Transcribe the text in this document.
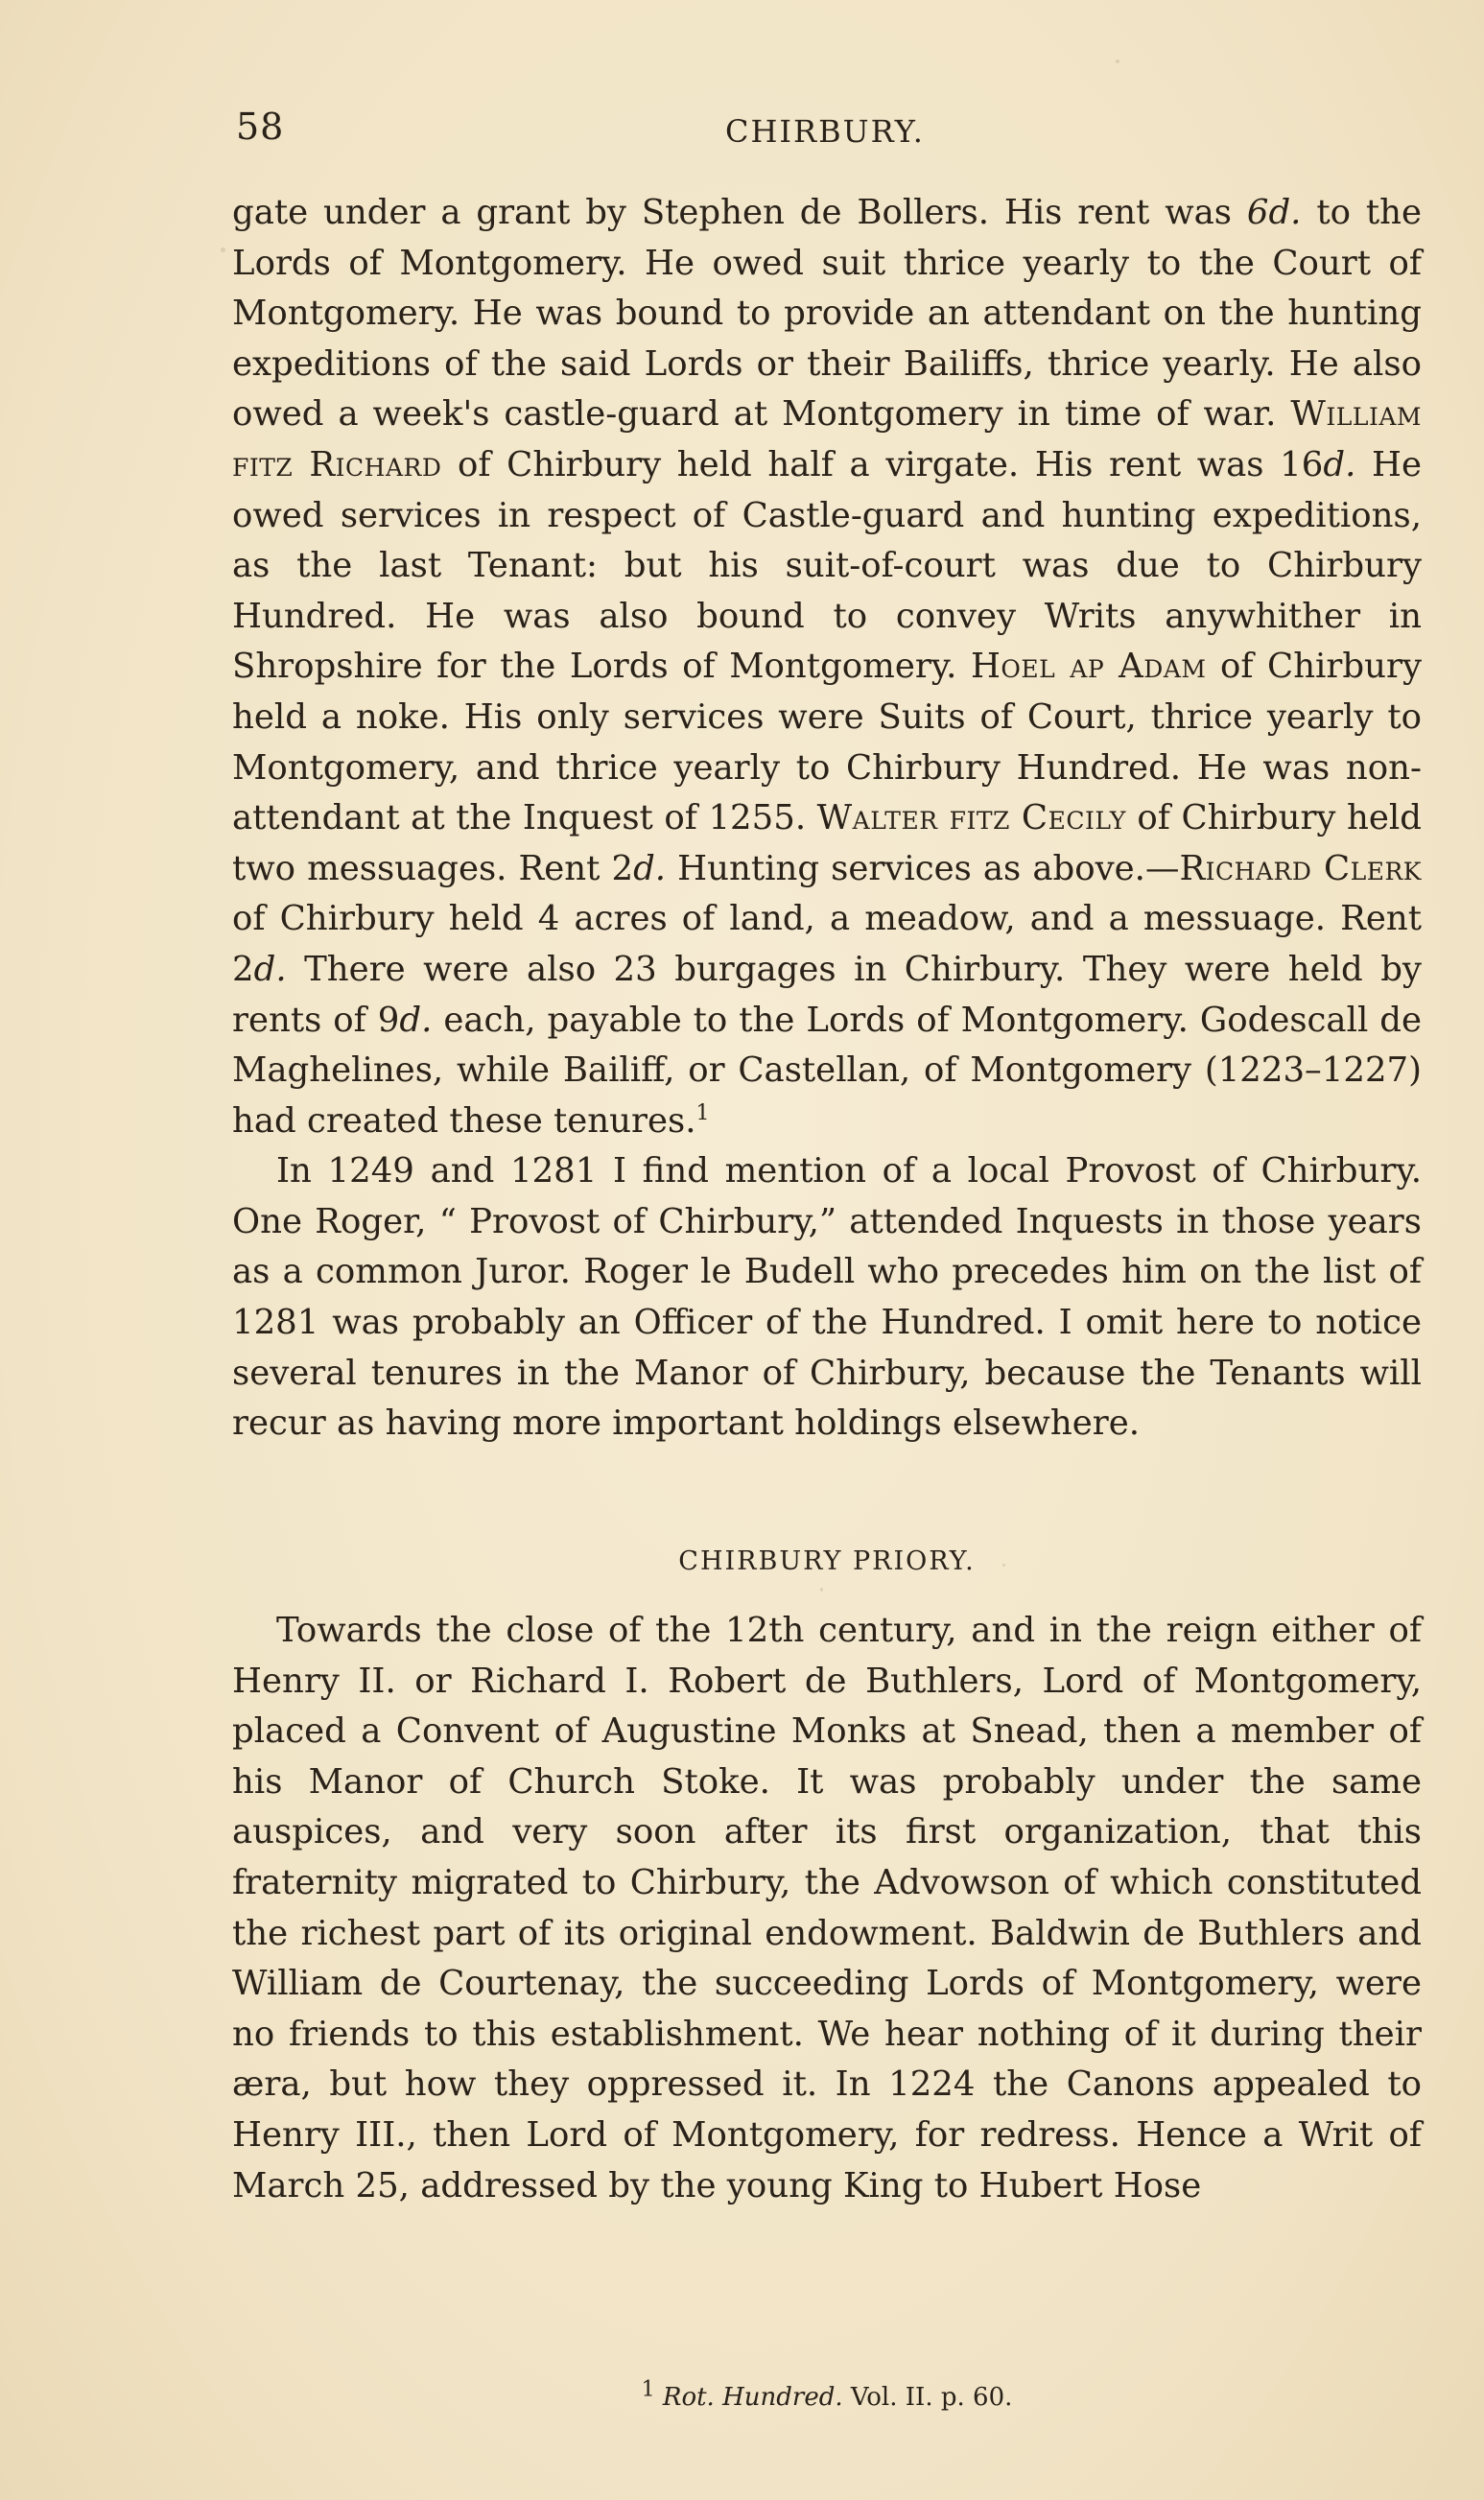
58	CHIRBURY.

gate under a grant by Stephen de Bollers. His rent was 6d. to the Lords of Montgomery. He owed suit thrice yearly to the Court of Montgomery. He was bound to provide an attendant on the hunting expeditions of the said Lords or their Bailiffs, thrice yearly. He also owed a week's castle-guard at Montgomery in time of war. William fitz Richard of Chirbury held half a virgate. His rent was 16d. He owed services in respect of Castle-guard and hunting expeditions, as the last Tenant: but his suit-of-court was due to Chirbury Hundred. He was also bound to convey Writs anywhither in Shropshire for the Lords of Montgomery. Hoel ap Adam of Chirbury held a noke. His only services were Suits of Court, thrice yearly to Montgomery, and thrice yearly to Chirbury Hundred. He was non-attendant at the Inquest of 1255. Walter fitz Cecily of Chirbury held two messuages. Rent 2d. Hunting services as above.—Richard Clerk of Chirbury held 4 acres of land, a meadow, and a messuage. Rent 2d. There were also 23 burgages in Chirbury. They were held by rents of 9d. each, payable to the Lords of Montgomery. Godescall de Maghelines, while Bailiff, or Castellan, of Montgomery (1223–1227) had created these tenures.$^1$

In 1249 and 1281 I find mention of a local Provost of Chirbury. One Roger, “ Provost of Chirbury,” attended Inquests in those years as a common Juror. Roger le Budell who precedes him on the list of 1281 was probably an Officer of the Hundred. I omit here to notice several tenures in the Manor of Chirbury, because the Tenants will recur as having more important holdings elsewhere.

CHIRBURY PRIORY.

Towards the close of the 12th century, and in the reign either of Henry II. or Richard I. Robert de Buthlers, Lord of Montgomery, placed a Convent of Augustine Monks at Snead, then a member of his Manor of Church Stoke. It was probably under the same auspices, and very soon after its first organization, that this fraternity migrated to Chirbury, the Advowson of which constituted the richest part of its original endowment. Baldwin de Buthlers and William de Courtenay, the succeeding Lords of Montgomery, were no friends to this establishment. We hear nothing of it during their æra, but how they oppressed it. In 1224 the Canons appealed to Henry III., then Lord of Montgomery, for redress. Hence a Writ of March 25, addressed by the young King to Hubert Hose

$^1$ Rot. Hundred. Vol. II. p. 60.
